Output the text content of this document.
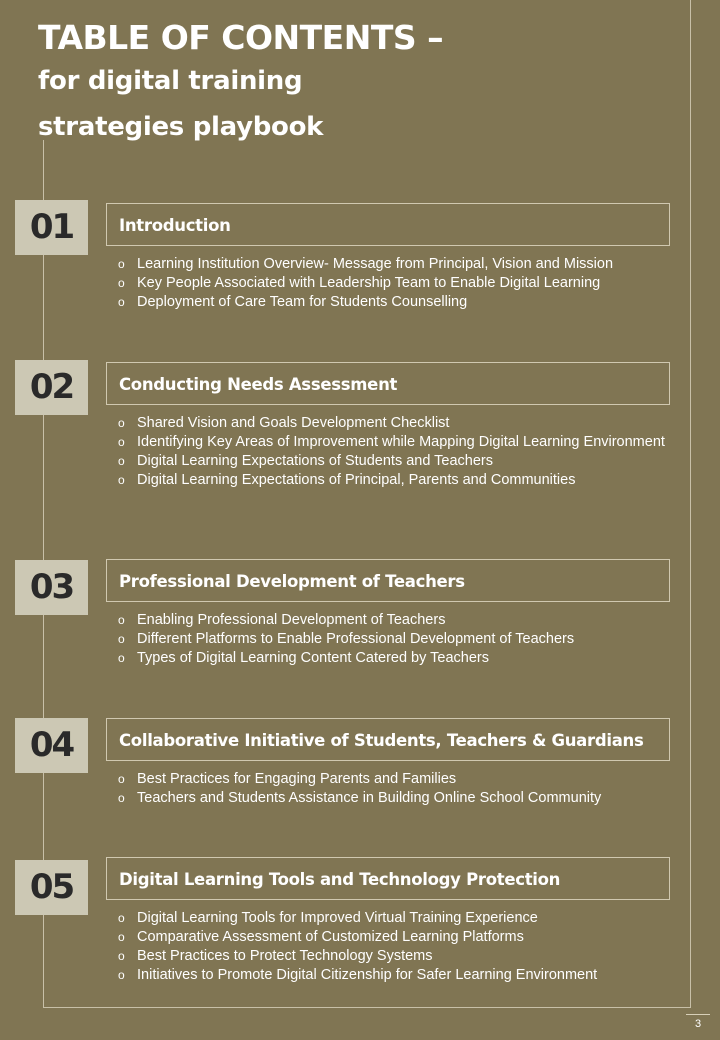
TABLE OF CONTENTS –
for digital training
strategies playbook
01	Introduction
o Learning Institution Overview- Message from Principal, Vision and Mission
o Key People Associated with Leadership Team to Enable Digital Learning
o Deployment of Care Team for Students Counselling
02	Conducting Needs Assessment
o Shared Vision and Goals Development Checklist
o Identifying Key Areas of Improvement while Mapping Digital Learning Environment
o Digital Learning Expectations of Students and Teachers
o Digital Learning Expectations of Principal, Parents and Communities
03	Professional Development of Teachers
o Enabling Professional Development of Teachers
o Different Platforms to Enable Professional Development of Teachers
o Types of Digital Learning Content Catered by Teachers
04	Collaborative Initiative of Students, Teachers & Guardians
o Best Practices for Engaging Parents and Families
o Teachers and Students Assistance in Building Online School Community
05	Digital Learning Tools and Technology Protection
o Digital Learning Tools for Improved Virtual Training Experience
o Comparative Assessment of Customized Learning Platforms
o Best Practices to Protect Technology Systems
o Initiatives to Promote Digital Citizenship for Safer Learning Environment
3
